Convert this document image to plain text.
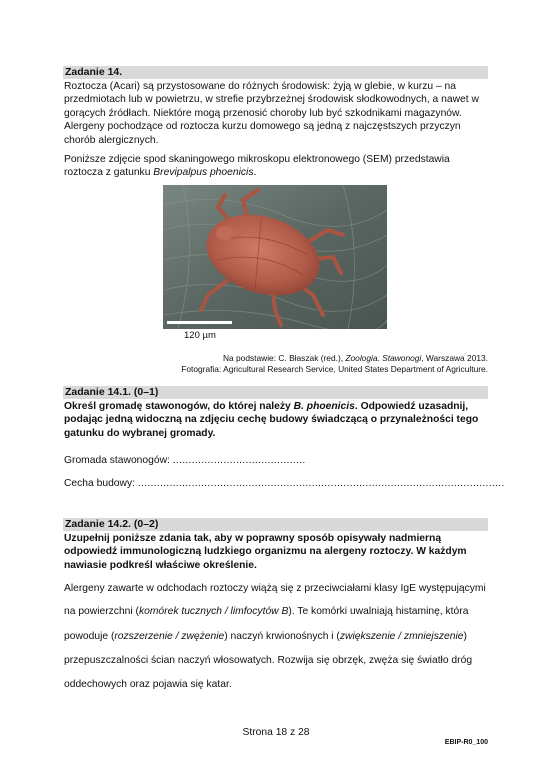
Zadanie 14.
Roztocza (Acari) są przystosowane do różnych środowisk: żyją w glebie, w kurzu – na przedmiotach lub w powietrzu, w strefie przybrzeżnej środowisk słodkowodnych, a nawet w gorących źródłach. Niektóre mogą przenosić choroby lub być szkodnikami magazynów. Alergeny pochodzące od roztocza kurzu domowego są jedną z najczęstszych przyczyn chorób alergicznych.
Poniższe zdjęcie spod skaningowego mikroskopu elektronowego (SEM) przedstawia roztocza z gatunku Brevipalpus phoenicis.
120 µm
Na podstawie: C. Błaszak (red.), Zoologia. Stawonogi, Warszawa 2013.
Fotografia: Agricultural Research Service, United States Department of Agriculture.
Zadanie 14.1. (0–1)
Określ gromadę stawonogów, do której należy B. phoenicis. Odpowiedź uzasadnij, podając jedną widoczną na zdjęciu cechę budowy świadczącą o przynależności tego gatunku do wybranej gromady.
Gromada stawonogów: ..........................................
Cecha budowy: ....................................................................................................................
Zadanie 14.2. (0–2)
Uzupełnij poniższe zdania tak, aby w poprawny sposób opisywały nadmierną odpowiedź immunologiczną ludzkiego organizmu na alergeny roztoczy. W każdym nawiasie podkreśl właściwe określenie.
Alergeny zawarte w odchodach roztoczy wiążą się z przeciwciałami klasy IgE występującymi
na powierzchni (komórek tucznych / limfocytów B). Te komórki uwalniają histaminę, która
powoduje (rozszerzenie / zwężenie) naczyń krwionośnych i (zwiększenie / zmniejszenie)
przepuszczalności ścian naczyń włosowatych. Rozwija się obrzęk, zwęża się światło dróg
oddechowych oraz pojawia się katar.
Strona 18 z 28
EBIP-R0_100
